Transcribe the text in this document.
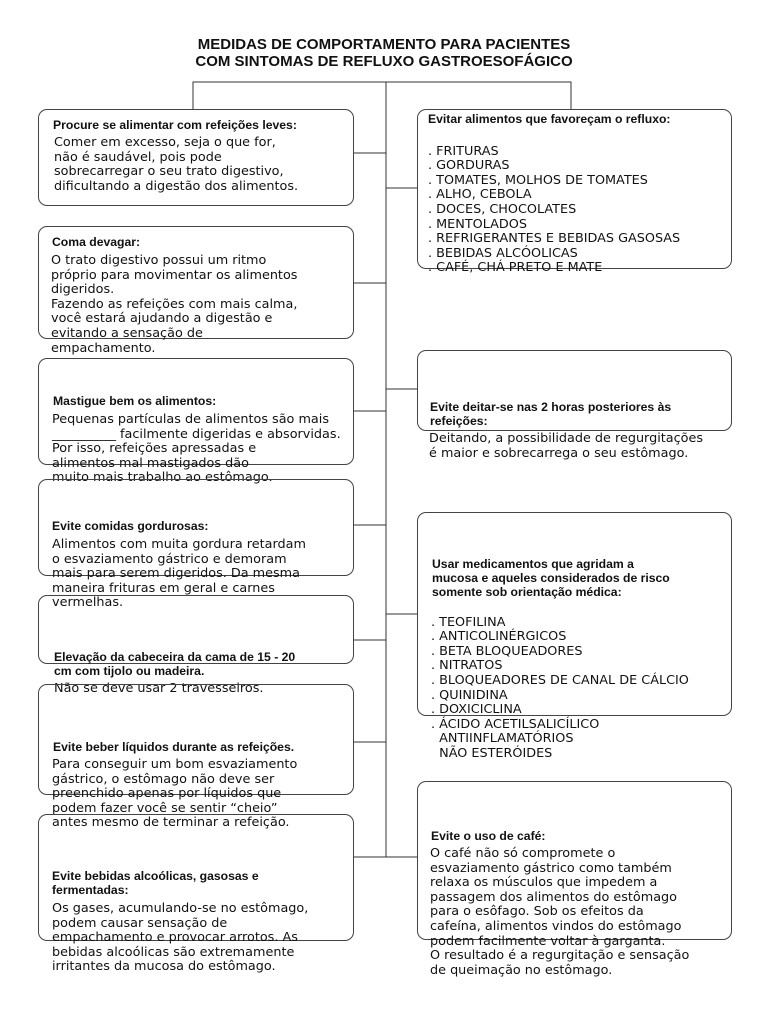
MEDIDAS DE COMPORTAMENTO PARA PACIENTES
COM SINTOMAS DE REFLUXO GASTROESOFÁGICO
Procure se alimentar com refeições leves:
Comer em excesso, seja o que for,
não é saudável, pois pode
sobrecarregar o seu trato digestivo,
dificultando a digestão dos alimentos.
Coma devagar:
O trato digestivo possui um ritmo
próprio para movimentar os alimentos
digeridos.
Fazendo as refeições com mais calma,
você estará ajudando a digestão e
evitando a sensação de
empachamento.
Mastigue bem os alimentos:
Pequenas partículas de alimentos são mais
__________ facilmente digeridas e absorvidas.
Por isso, refeições apressadas e
alimentos mal mastigados dão
muito mais trabalho ao estômago.
Evite comidas gordurosas:
Alimentos com muita gordura retardam
o esvaziamento gástrico e demoram
mais para serem digeridos. Da mesma
maneira frituras em geral e carnes
vermelhas.
Elevação da cabeceira da cama de 15 - 20
cm com tijolo ou madeira.
Não se deve usar 2 travesseiros.
Evite beber líquidos durante as refeições.
Para conseguir um bom esvaziamento
gástrico, o estômago não deve ser
preenchido apenas por líquidos que
podem fazer você se sentir “cheio”
antes mesmo de terminar a refeição.
Evite bebidas alcoólicas, gasosas e
fermentadas:
Os gases, acumulando-se no estômago,
podem causar sensação de
empachamento e provocar arrotos. As
bebidas alcoólicas são extremamente
irritantes da mucosa do estômago.
Evitar alimentos que favoreçam o refluxo:

. FRITURAS
. GORDURAS
. TOMATES, MOLHOS DE TOMATES
. ALHO, CEBOLA
. DOCES, CHOCOLATES
. MENTOLADOS
. REFRIGERANTES E BEBIDAS GASOSAS
. BEBIDAS ALCÓOLICAS
. CAFÉ, CHÁ PRETO E MATE

Evite deitar-se nas 2 horas posteriores às
refeições:
Deitando, a possibilidade de regurgitações
é maior e sobrecarrega o seu estômago.
Usar medicamentos que agridam a
mucosa e aqueles considerados de risco
somente sob orientação médica:

. TEOFILINA
. ANTICOLINÉRGICOS
. BETA BLOQUEADORES
. NITRATOS
. BLOQUEADORES DE CANAL DE CÁLCIO
. QUINIDINA
. DOXICICLINA
. ÁCIDO ACETILSALICÍLICO
ANTIINFLAMATÓRIOS
NÃO ESTERÓIDES

Evite o uso de café:
O café não só compromete o
esvaziamento gástrico como também
relaxa os músculos que impedem a
passagem dos alimentos do estômago
para o esôfago. Sob os efeitos da
cafeína, alimentos vindos do estômago
podem facilmente voltar à garganta.
O resultado é a regurgitação e sensação
de queimação no estômago.
